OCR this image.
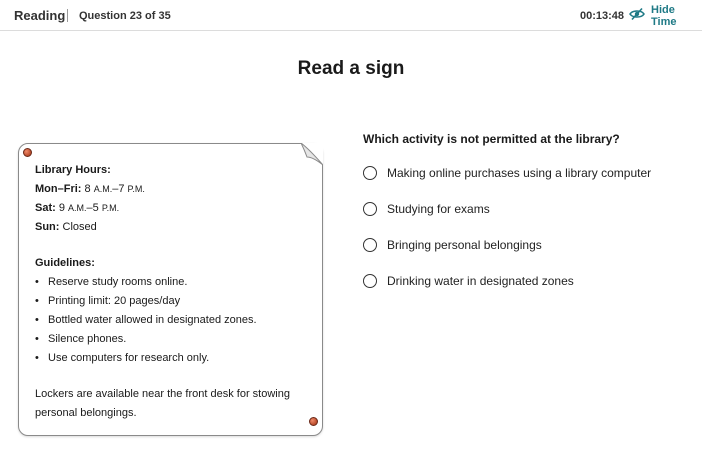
Reading Question 23 of 35	00:13:48 Hide Time
Read a sign
Library Hours:
Mon–Fri: 8 A.M.–7 P.M.
Sat: 9 A.M.–5 P.M.
Sun: Closed
Guidelines:
• Reserve study rooms online.
• Printing limit: 20 pages/day
• Bottled water allowed in designated zones.
• Silence phones.
• Use computers for research only.
Lockers are available near the front desk for stowing personal belongings.
Which activity is not permitted at the library?
Making online purchases using a library computer
Studying for exams
Bringing personal belongings
Drinking water in designated zones
